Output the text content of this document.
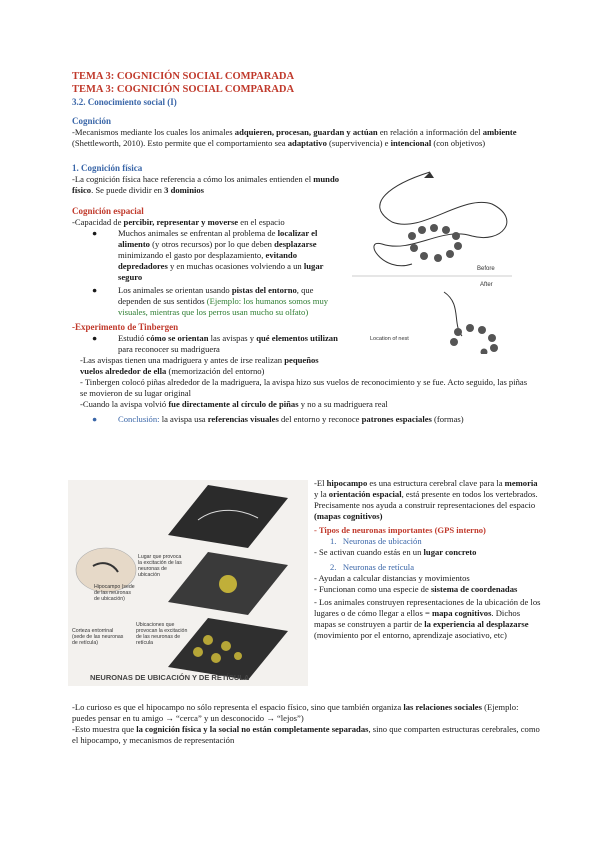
TEMA 3: COGNICIÓN SOCIAL COMPARADA
TEMA 3: COGNICIÓN SOCIAL COMPARADA
3.2. Conocimiento social (I)
Cognición

-Mecanismos mediante los cuales los animales adquieren, procesan, guardan y actúan en relación a información del ambiente (Shettleworth, 2010). Esto permite que el comportamiento sea adaptativo (supervivencia) e intencional (con objetivos)

1. Cognición física

-La cognición física hace referencia a cómo los animales entienden el mundo físico. Se puede dividir en 3 dominios

Cognición espacial

-Capacidad de percibir, representar y moverse en el espacio

● Muchos animales se enfrentan al problema de localizar el alimento (y otros recursos) por lo que deben desplazarse minimizando el gasto por desplazamiento, evitando depredadores y en muchas ocasiones volviendo a un lugar seguro
● Los animales se orientan usando pistas del entorno, que dependen de sus sentidos (Ejemplo: los humanos somos muy visuales, mientras que los perros usan mucho su olfato)
-Experimento de Tinbergen
● Estudió cómo se orientan las avispas y qué elementos utilizan para reconocer su madriguera

-Las avispas tienen una madriguera y antes de irse realizan pequeños vuelos alrededor de ella (memorización del entorno)

- Tinbergen colocó piñas alrededor de la madriguera, la avispa hizo sus vuelos de reconocimiento y se fue. Acto seguido, las piñas se movieron de su lugar original

-Cuando la avispa volvió fue directamente al círculo de piñas y no a su madriguera real

● Conclusión: la avispa usa referencias visuales del entorno y reconoce patrones espaciales (formas)
Before
After
Location of nest
Lugar que provoca la excitación de las neuronas de ubicación
Hipocampo (sede de las neuronas de ubicación)
Corteza entorrinal (sede de las neuronas de retícula)
Ubicaciones que provocan la excitación de las neuronas de retícula
NEURONAS DE UBICACIÓN Y DE RETÍCULA

-El hipocampo es una estructura cerebral clave para la memoria y la orientación espacial, está presente en todos los vertebrados. Precisamente nos ayuda a construir representaciones del espacio (mapas cognitivos)

- Tipos de neuronas importantes (GPS interno)

1. Neuronas de ubicación

- Se activan cuando estás en un lugar concreto

2. Neuronas de retícula

- Ayudan a calcular distancias y movimientos

- Funcionan como una especie de sistema de coordenadas

- Los animales construyen representaciones de la ubicación de los lugares o de cómo llegar a ellos = mapa cognitivos. Dichos mapas se construyen a partir de la experiencia al desplazarse (movimiento por el entorno, aprendizaje asociativo, etc)

-Lo curioso es que el hipocampo no sólo representa el espacio físico, sino que también organiza las relaciones sociales (Ejemplo: puedes pensar en tu amigo → “cerca” y un desconocido → “lejos”)

-Esto muestra que la cognición física y la social no están completamente separadas, sino que comparten estructuras cerebrales, como el hipocampo, y mecanismos de representación
